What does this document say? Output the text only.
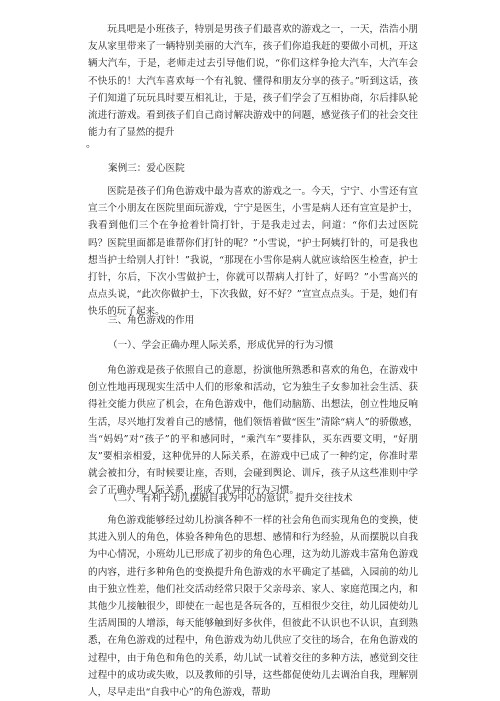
玩具吧是小班孩子，特别是男孩子们最喜欢的游戏之一，一天，浩浩小朋友从家里带来了一辆特别美丽的大汽车，孩子们你追我赶的要做小司机，开这辆大汽车，于是，老师走过去引导他们说，“你们这样争抢大汽车，大汽车会不快乐的！大汽车喜欢每一个有礼貌、懂得和朋友分享的孩子。”听到这话，孩子们知道了玩玩具时要互相礼让，于是，孩子们学会了互相协商，尔后排队轮流进行游戏。看到孩子们自己商讨解决游戏中的问题，感觉孩子们的社会交往能力有了显然的提升

。
案例三：爱心医院

医院是孩子们角色游戏中最为喜欢的游戏之一。今天，宁宁、小雪还有宣宣三个小朋友在医院里面玩游戏，宁宁是医生，小雪是病人还有宣宣是护士，我看到他们三个在争抢着针筒打针，于是我走过去，问道：“你们去过医院吗？医院里面都是谁帮你们打针的呢？”小雪说，“护士阿姨打针的，可是我也想当护士给别人打针！”我说，“那现在小雪你是病人就应该给医生检查，护士打针，尔后，下次小雪做护士，你就可以帮病人打针了，好吗？”小雪高兴的点点头说，“此次你做护士，下次我做，好不好？”宣宣点点头。于是，她们有快乐的玩了起来。

三、角色游戏的作用
（一）、学会正确办理人际关系，形成优异的行为习惯

角色游戏是孩子依照自己的意愿，扮演他所熟悉和喜欢的角色，在游戏中创立性地再现现实生活中人们的形象和活动，它为独生子女参加社会生活、获得社交能力供应了机会，在角色游戏中，他们动脑筋、出想法，创立性地反响生活，尽兴地打发着自己的感情，他们领悟着做“医生”清除“病人”的骄傲感，当“妈妈”对“孩子”的平和感同时，“乘汽车”要排队，买东西要文明，“好朋友”要相亲相爱，这种优异的人际关系，在游戏中已成了一种约定，你准时辈就会被扣分，有时候要让座，否则，会碰到舆论、训斥，孩子从这些准则中学会了正确办理人际关系，形成了优异的行为习惯。

（二）、有利于幼儿摆脱自我为中心的意识，提升交往技术

角色游戏能够经过幼儿扮演各种不一样的社会角色而实现角色的变换，使其进入别人的角色，体验各种角色的思想、感情和行为经验，从而摆脱以自我为中心情况，小班幼儿已形成了初步的角色心理，这为幼儿游戏丰富角色游戏的内容，进行多种角色的变换提升角色游戏的水平确定了基础，入园前的幼儿由于独立性差，他们社交活动经常只限于父亲母亲、家人、家庭范围之内，和其他少儿接触很少，即使在一起也是各玩各的，互相很少交往，幼儿园使幼儿生活周围的人增添，每天能够触到好多伙伴，但彼此不认识也不认识，直到熟悉，在角色游戏的过程中，角色游戏为幼儿供应了交往的场合，在角色游戏的过程中，由于角色和角色的关系，幼儿试一试着交往的多种方法，感觉到交往过程中的成功或失败，以及教师的引导，这些都促使幼儿去调治自我，理解别人，尽早走出“自我中心”的角色游戏，帮助
